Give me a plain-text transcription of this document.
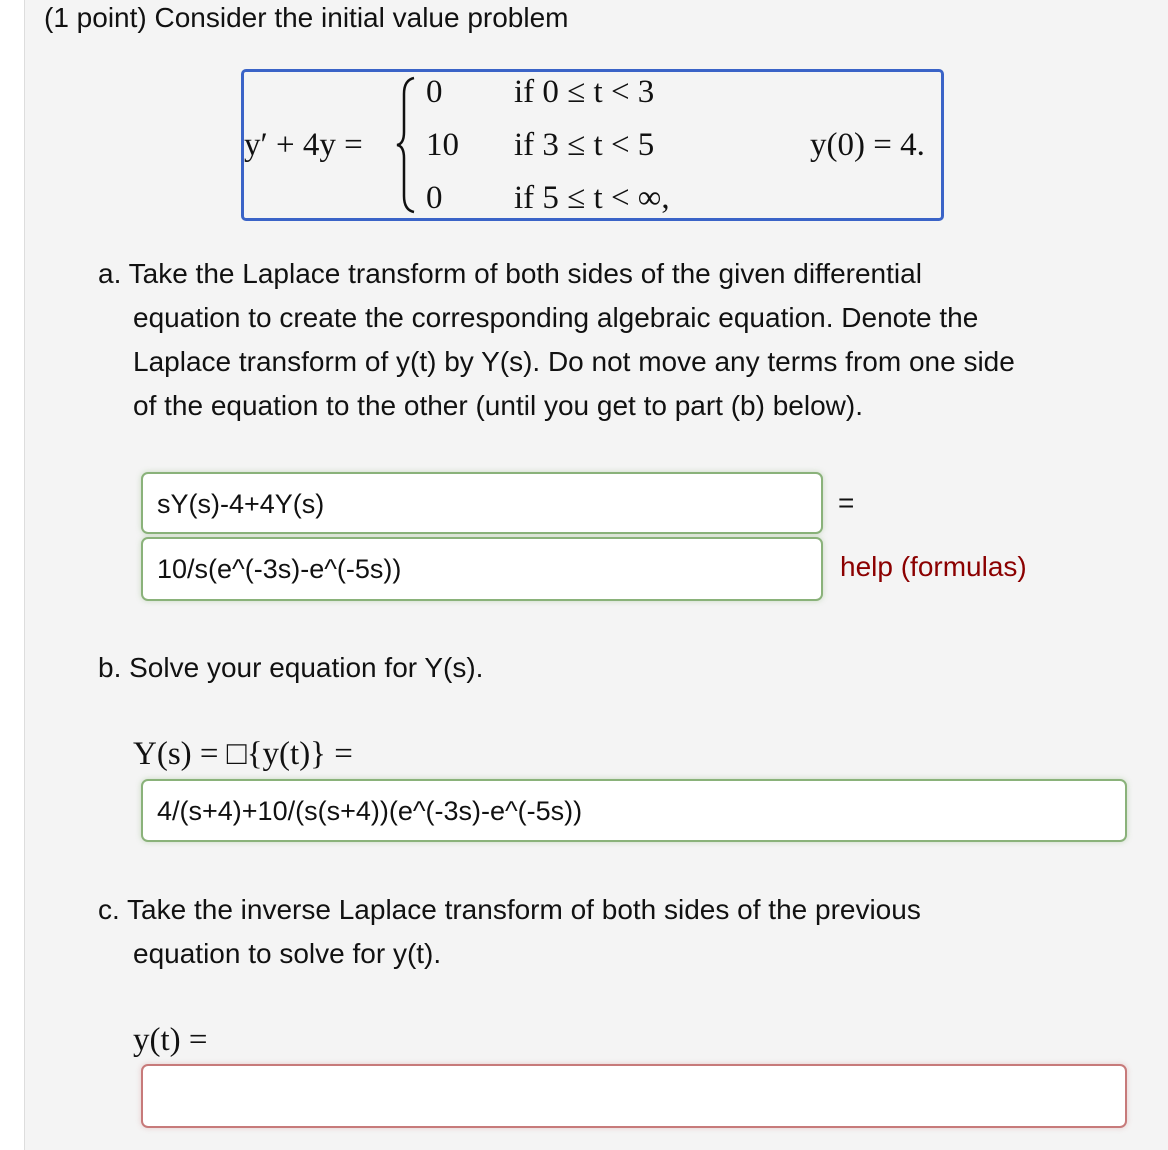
(1 point) Consider the initial value problem
y′ + 4y =
0 if 0 ≤ t < 3
10 if 3 ≤ t < 5
0 if 5 ≤ t < ∞,
y(0) = 4.
a. Take the Laplace transform of both sides of the given differential
equation to create the corresponding algebraic equation. Denote the
Laplace transform of y(t) by Y(s). Do not move any terms from one side
of the equation to the other (until you get to part (b) below).
sY(s)-4+4Y(s)	=
10/s(e^(-3s)-e^(-5s))	help (formulas)
b. Solve your equation for Y(s).
Y(s) = □{y(t)} =
4/(s+4)+10/(s(s+4))(e^(-3s)-e^(-5s))
c. Take the inverse Laplace transform of both sides of the previous
equation to solve for y(t).
y(t) =
